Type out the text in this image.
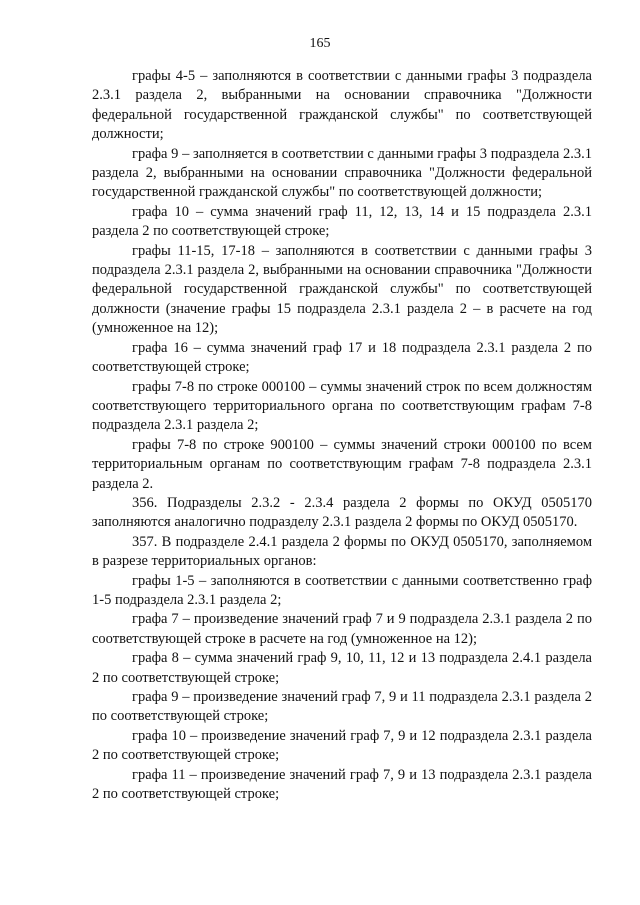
165

графы 4-5 – заполняются в соответствии с данными графы 3 подраздела 2.3.1 раздела 2, выбранными на основании справочника "Должности федеральной государственной гражданской службы" по соответствующей должности;

графа 9 – заполняется в соответствии с данными графы 3 подраздела 2.3.1 раздела 2, выбранными на основании справочника "Должности федеральной государственной гражданской службы" по соответствующей должности;

графа 10 – сумма значений граф 11, 12, 13, 14 и 15 подраздела 2.3.1 раздела 2 по соответствующей строке;

графы 11-15, 17-18 – заполняются в соответствии с данными графы 3 подраздела 2.3.1 раздела 2, выбранными на основании справочника "Должности федеральной государственной гражданской службы" по соответствующей должности (значение графы 15 подраздела 2.3.1 раздела 2 – в расчете на год (умноженное на 12);

графа 16 – сумма значений граф 17 и 18 подраздела 2.3.1 раздела 2 по соответствующей строке;

графы 7-8 по строке 000100 – суммы значений строк по всем должностям соответствующего территориального органа по соответствующим графам 7-8 подраздела 2.3.1 раздела 2;

графы 7-8 по строке 900100 – суммы значений строки 000100 по всем территориальным органам по соответствующим графам 7-8 подраздела 2.3.1 раздела 2.

356. Подразделы 2.3.2 - 2.3.4 раздела 2 формы по ОКУД 0505170 заполняются аналогично подразделу 2.3.1 раздела 2 формы по ОКУД 0505170.

357. В подразделе 2.4.1 раздела 2 формы по ОКУД 0505170, заполняемом в разрезе территориальных органов:

графы 1-5 – заполняются в соответствии с данными соответственно граф 1-5 подраздела 2.3.1 раздела 2;

графа 7 – произведение значений граф 7 и 9 подраздела 2.3.1 раздела 2 по соответствующей строке в расчете на год (умноженное на 12);

графа 8 – сумма значений граф 9, 10, 11, 12 и 13 подраздела 2.4.1 раздела 2 по соответствующей строке;

графа 9 – произведение значений граф 7, 9 и 11 подраздела 2.3.1 раздела 2 по соответствующей строке;

графа 10 – произведение значений граф 7, 9 и 12 подраздела 2.3.1 раздела 2 по соответствующей строке;

графа 11 – произведение значений граф 7, 9 и 13 подраздела 2.3.1 раздела 2 по соответствующей строке;
